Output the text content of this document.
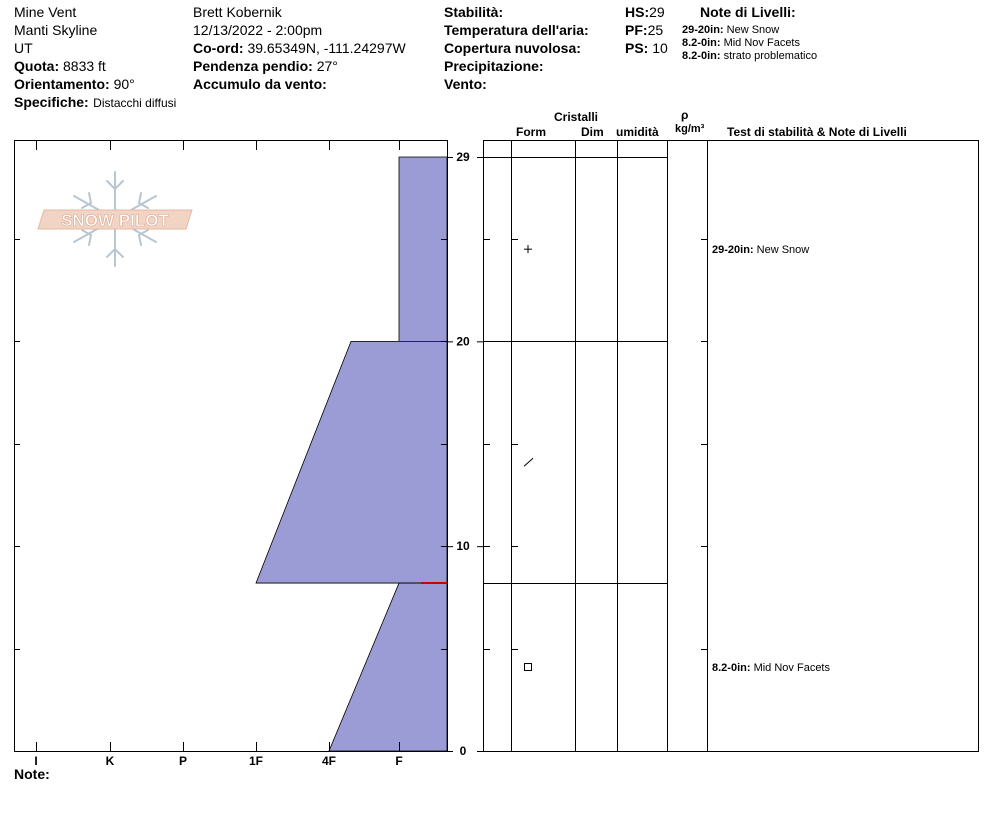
Mine Vent
Manti Skyline
UT
Quota: 8833 ft
Orientamento: 90°
Specifiche: Distacchi diffusi
Brett Kobernik
12/13/2022 - 2:00pm
Co-ord: 39.65349N, -111.24297W
Pendenza pendio: 27°
Accumulo da vento:
Stabilità:
Temperatura dell'aria:
Copertura nuvolosa:
Precipitazione:
Vento:
HS:29
PF:25
PS: 10
Note di Livelli:
29-20in: New Snow
8.2-0in: Mid Nov Facets
8.2-0in: strato problematico
Cristalli
Form	Dim umidità
ρ
kg/m³ Test di stabilità & Note di Livelli
SNOW PILOT
I	K	P	1F	4F	F
29
20
10
0
29-20in: New Snow
8.2-0in: Mid Nov Facets
Note:
